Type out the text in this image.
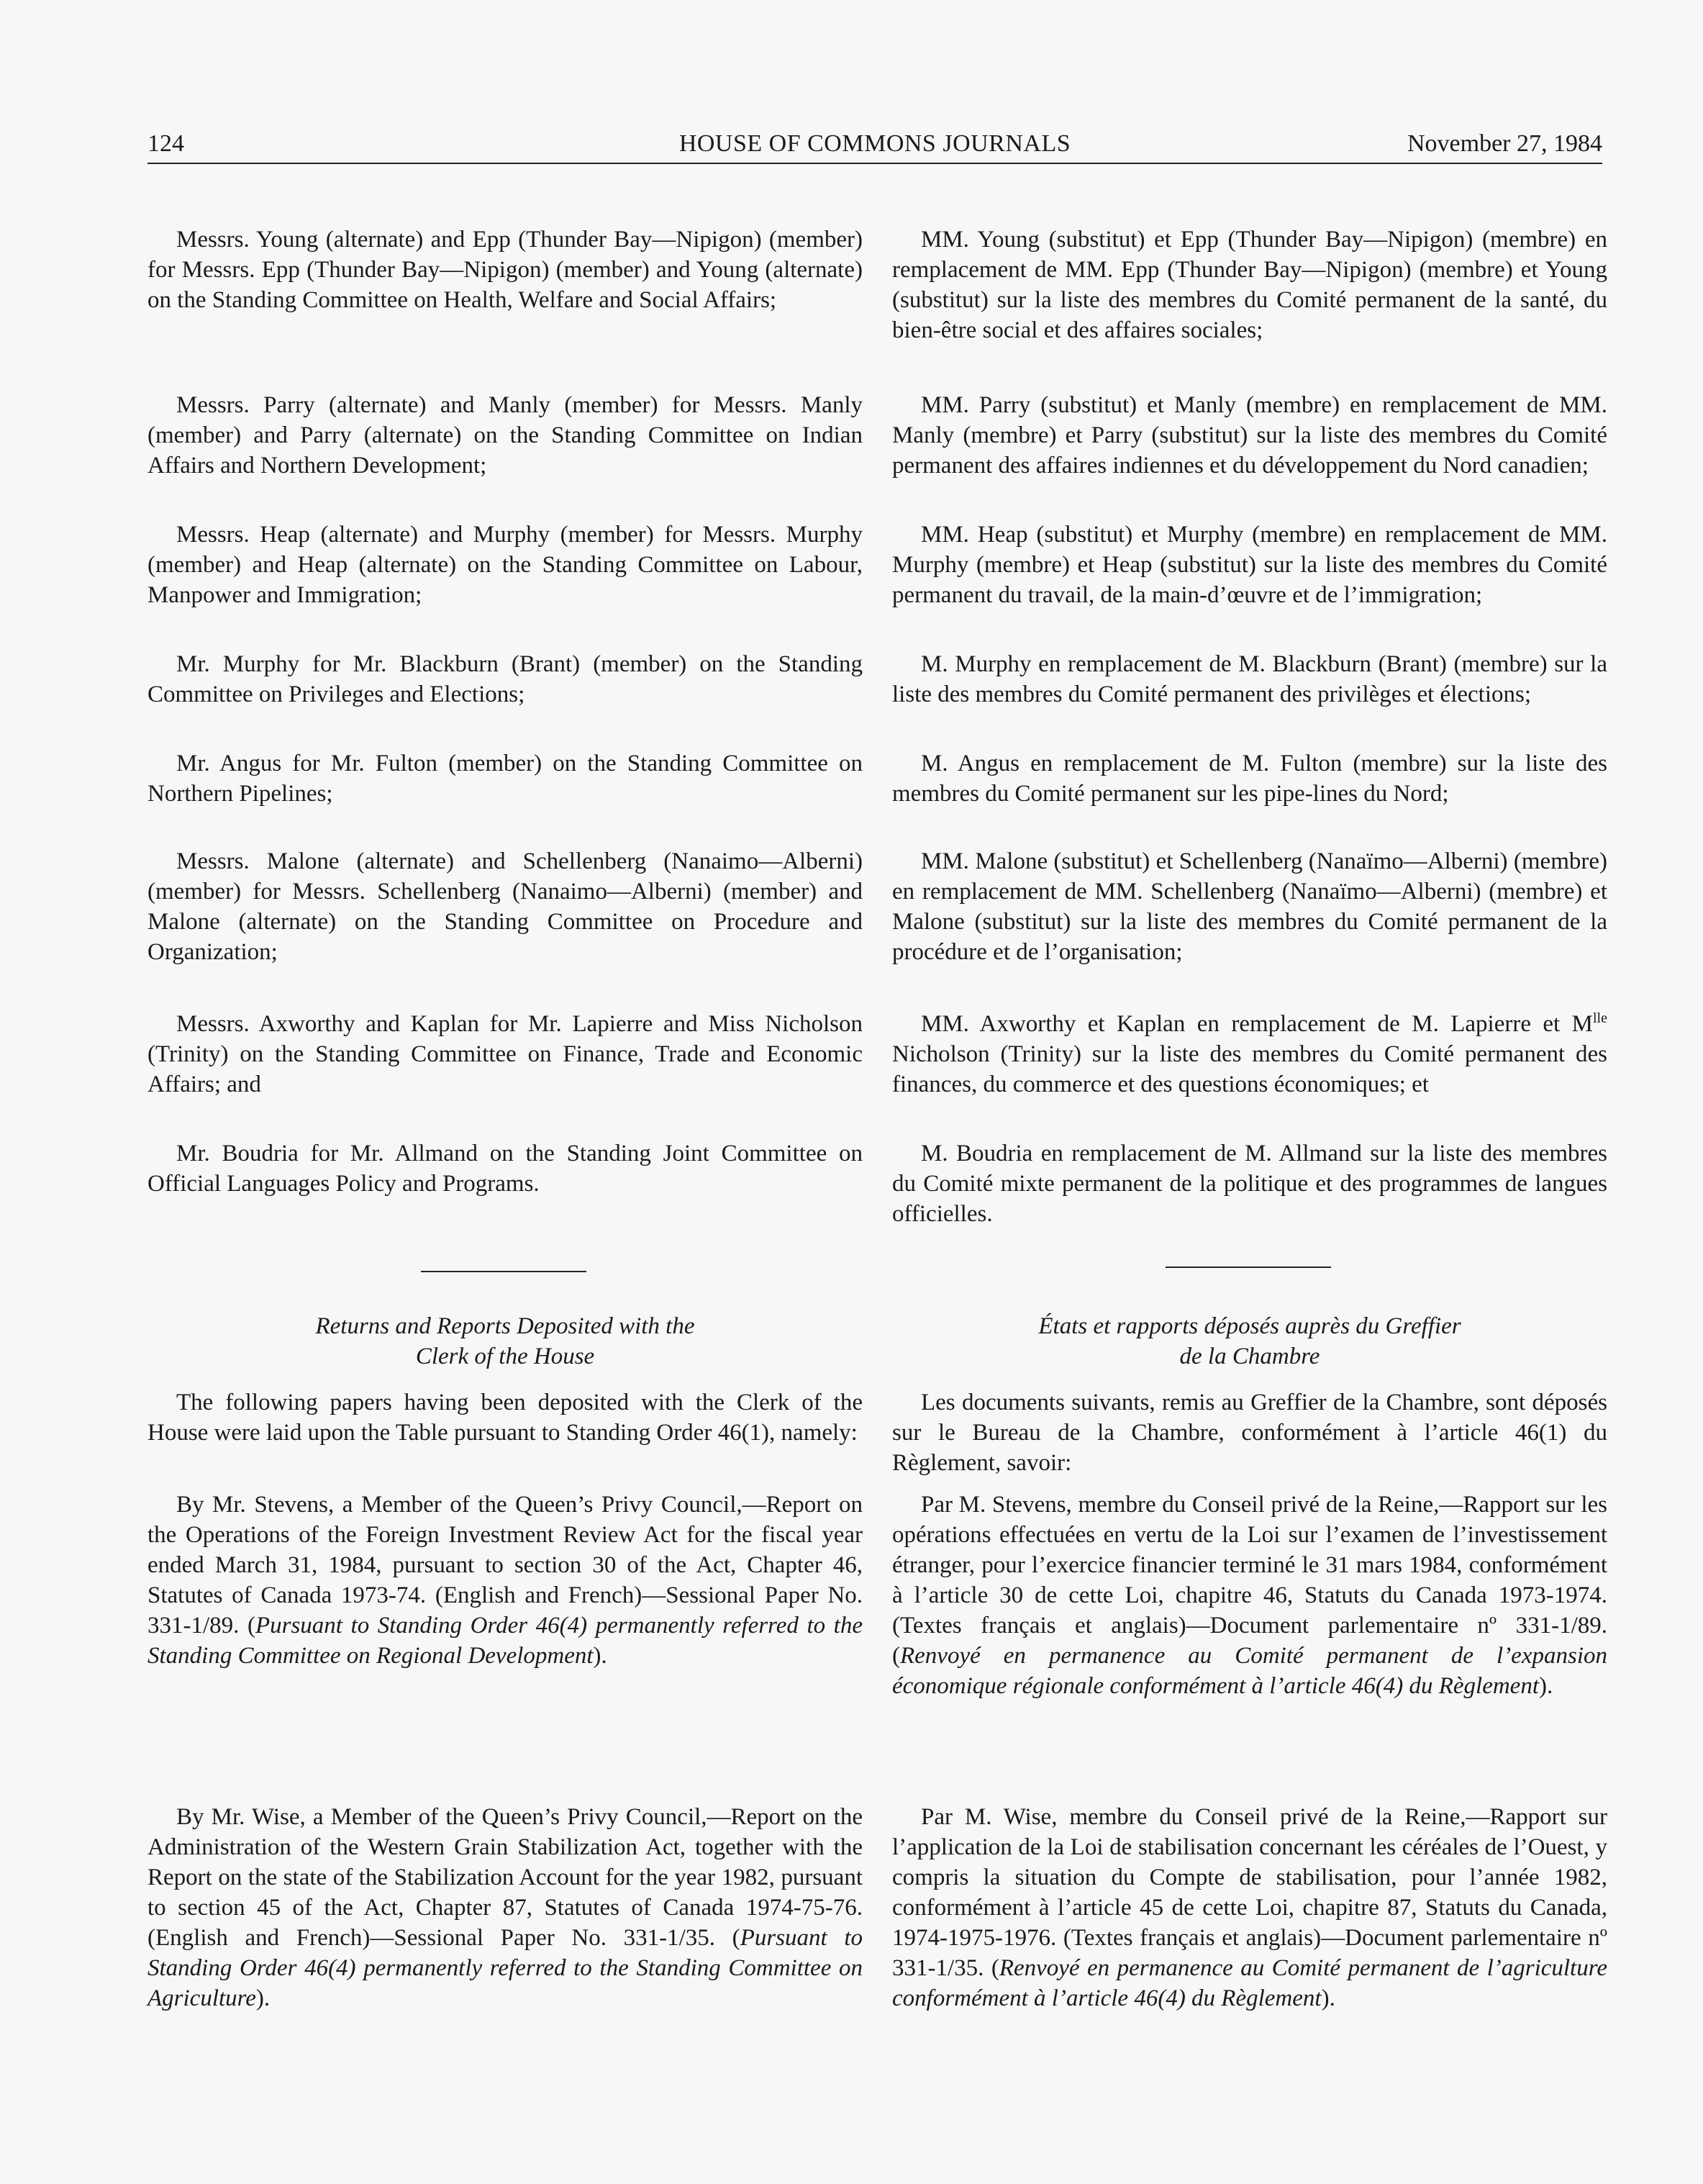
124	HOUSE OF COMMONS JOURNALS	November 27, 1984

Messrs. Young (alternate) and Epp (Thunder Bay—Nipigon) (member) for Messrs. Epp (Thunder Bay—Nipigon) (member) and Young (alternate) on the Standing Committee on Health, Welfare and Social Affairs;

Messrs. Parry (alternate) and Manly (member) for Messrs. Manly (member) and Parry (alternate) on the Standing Committee on Indian Affairs and Northern Development;

Messrs. Heap (alternate) and Murphy (member) for Messrs. Murphy (member) and Heap (alternate) on the Standing Committee on Labour, Manpower and Immigration;

Mr. Murphy for Mr. Blackburn (Brant) (member) on the Standing Committee on Privileges and Elections;

Mr. Angus for Mr. Fulton (member) on the Standing Committee on Northern Pipelines;

Messrs. Malone (alternate) and Schellenberg (Nanaimo—Alberni) (member) for Messrs. Schellenberg (Nanaimo—Alberni) (member) and Malone (alternate) on the Standing Committee on Procedure and Organization;

Messrs. Axworthy and Kaplan for Mr. Lapierre and Miss Nicholson (Trinity) on the Standing Committee on Finance, Trade and Economic Affairs; and

Mr. Boudria for Mr. Allmand on the Standing Joint Committee on Official Languages Policy and Programs.

Returns and Reports Deposited with the
Clerk of the House

The following papers having been deposited with the Clerk of the House were laid upon the Table pursuant to Standing Order 46(1), namely:

By Mr. Stevens, a Member of the Queen’s Privy Council,—Report on the Operations of the Foreign Investment Review Act for the fiscal year ended March 31, 1984, pursuant to section 30 of the Act, Chapter 46, Statutes of Canada 1973-74. (English and French)—Sessional Paper No. 331-1/89. (Pursuant to Standing Order 46(4) permanently referred to the Standing Committee on Regional Development).

By Mr. Wise, a Member of the Queen’s Privy Council,—Report on the Administration of the Western Grain Stabilization Act, together with the Report on the state of the Stabilization Account for the year 1982, pursuant to section 45 of the Act, Chapter 87, Statutes of Canada 1974-75-76. (English and French)—Sessional Paper No. 331-1/35. (Pursuant to Standing Order 46(4) permanently referred to the Standing Committee on Agriculture).

MM. Young (substitut) et Epp (Thunder Bay—Nipigon) (membre) en remplacement de MM. Epp (Thunder Bay—Nipigon) (membre) et Young (substitut) sur la liste des membres du Comité permanent de la santé, du bien-être social et des affaires sociales;

MM. Parry (substitut) et Manly (membre) en remplacement de MM. Manly (membre) et Parry (substitut) sur la liste des membres du Comité permanent des affaires indiennes et du développement du Nord canadien;

MM. Heap (substitut) et Murphy (membre) en remplacement de MM. Murphy (membre) et Heap (substitut) sur la liste des membres du Comité permanent du travail, de la main-d’œuvre et de l’immigration;

M. Murphy en remplacement de M. Blackburn (Brant) (membre) sur la liste des membres du Comité permanent des privilèges et élections;

M. Angus en remplacement de M. Fulton (membre) sur la liste des membres du Comité permanent sur les pipe-lines du Nord;

MM. Malone (substitut) et Schellenberg (Nanaïmo—Alberni) (membre) en remplacement de MM. Schellenberg (Nanaïmo—Alberni) (membre) et Malone (substitut) sur la liste des membres du Comité permanent de la procédure et de l’organisation;

MM. Axworthy et Kaplan en remplacement de M. Lapierre et $M^{lle}$ Nicholson (Trinity) sur la liste des membres du Comité permanent des finances, du commerce et des questions économiques; et

M. Boudria en remplacement de M. Allmand sur la liste des membres du Comité mixte permanent de la politique et des programmes de langues officielles.

États et rapports déposés auprès du Greffier
de la Chambre

Les documents suivants, remis au Greffier de la Chambre, sont déposés sur le Bureau de la Chambre, conformément à l’article 46(1) du Règlement, savoir:

Par M. Stevens, membre du Conseil privé de la Reine,—Rapport sur les opérations effectuées en vertu de la Loi sur l’examen de l’investissement étranger, pour l’exercice financier terminé le 31 mars 1984, conformément à l’article 30 de cette Loi, chapitre 46, Statuts du Canada 1973-1974. (Textes français et anglais)—Document parlementaire nº 331-1/89. (Renvoyé en permanence au Comité permanent de l’expansion économique régionale conformément à l’article 46(4) du Règlement).

Par M. Wise, membre du Conseil privé de la Reine,—Rapport sur l’application de la Loi de stabilisation concernant les céréales de l’Ouest, y compris la situation du Compte de stabilisation, pour l’année 1982, conformément à l’article 45 de cette Loi, chapitre 87, Statuts du Canada, 1974-1975-1976. (Textes français et anglais)—Document parlementaire nº 331-1/35. (Renvoyé en permanence au Comité permanent de l’agriculture conformément à l’article 46(4) du Règlement).
